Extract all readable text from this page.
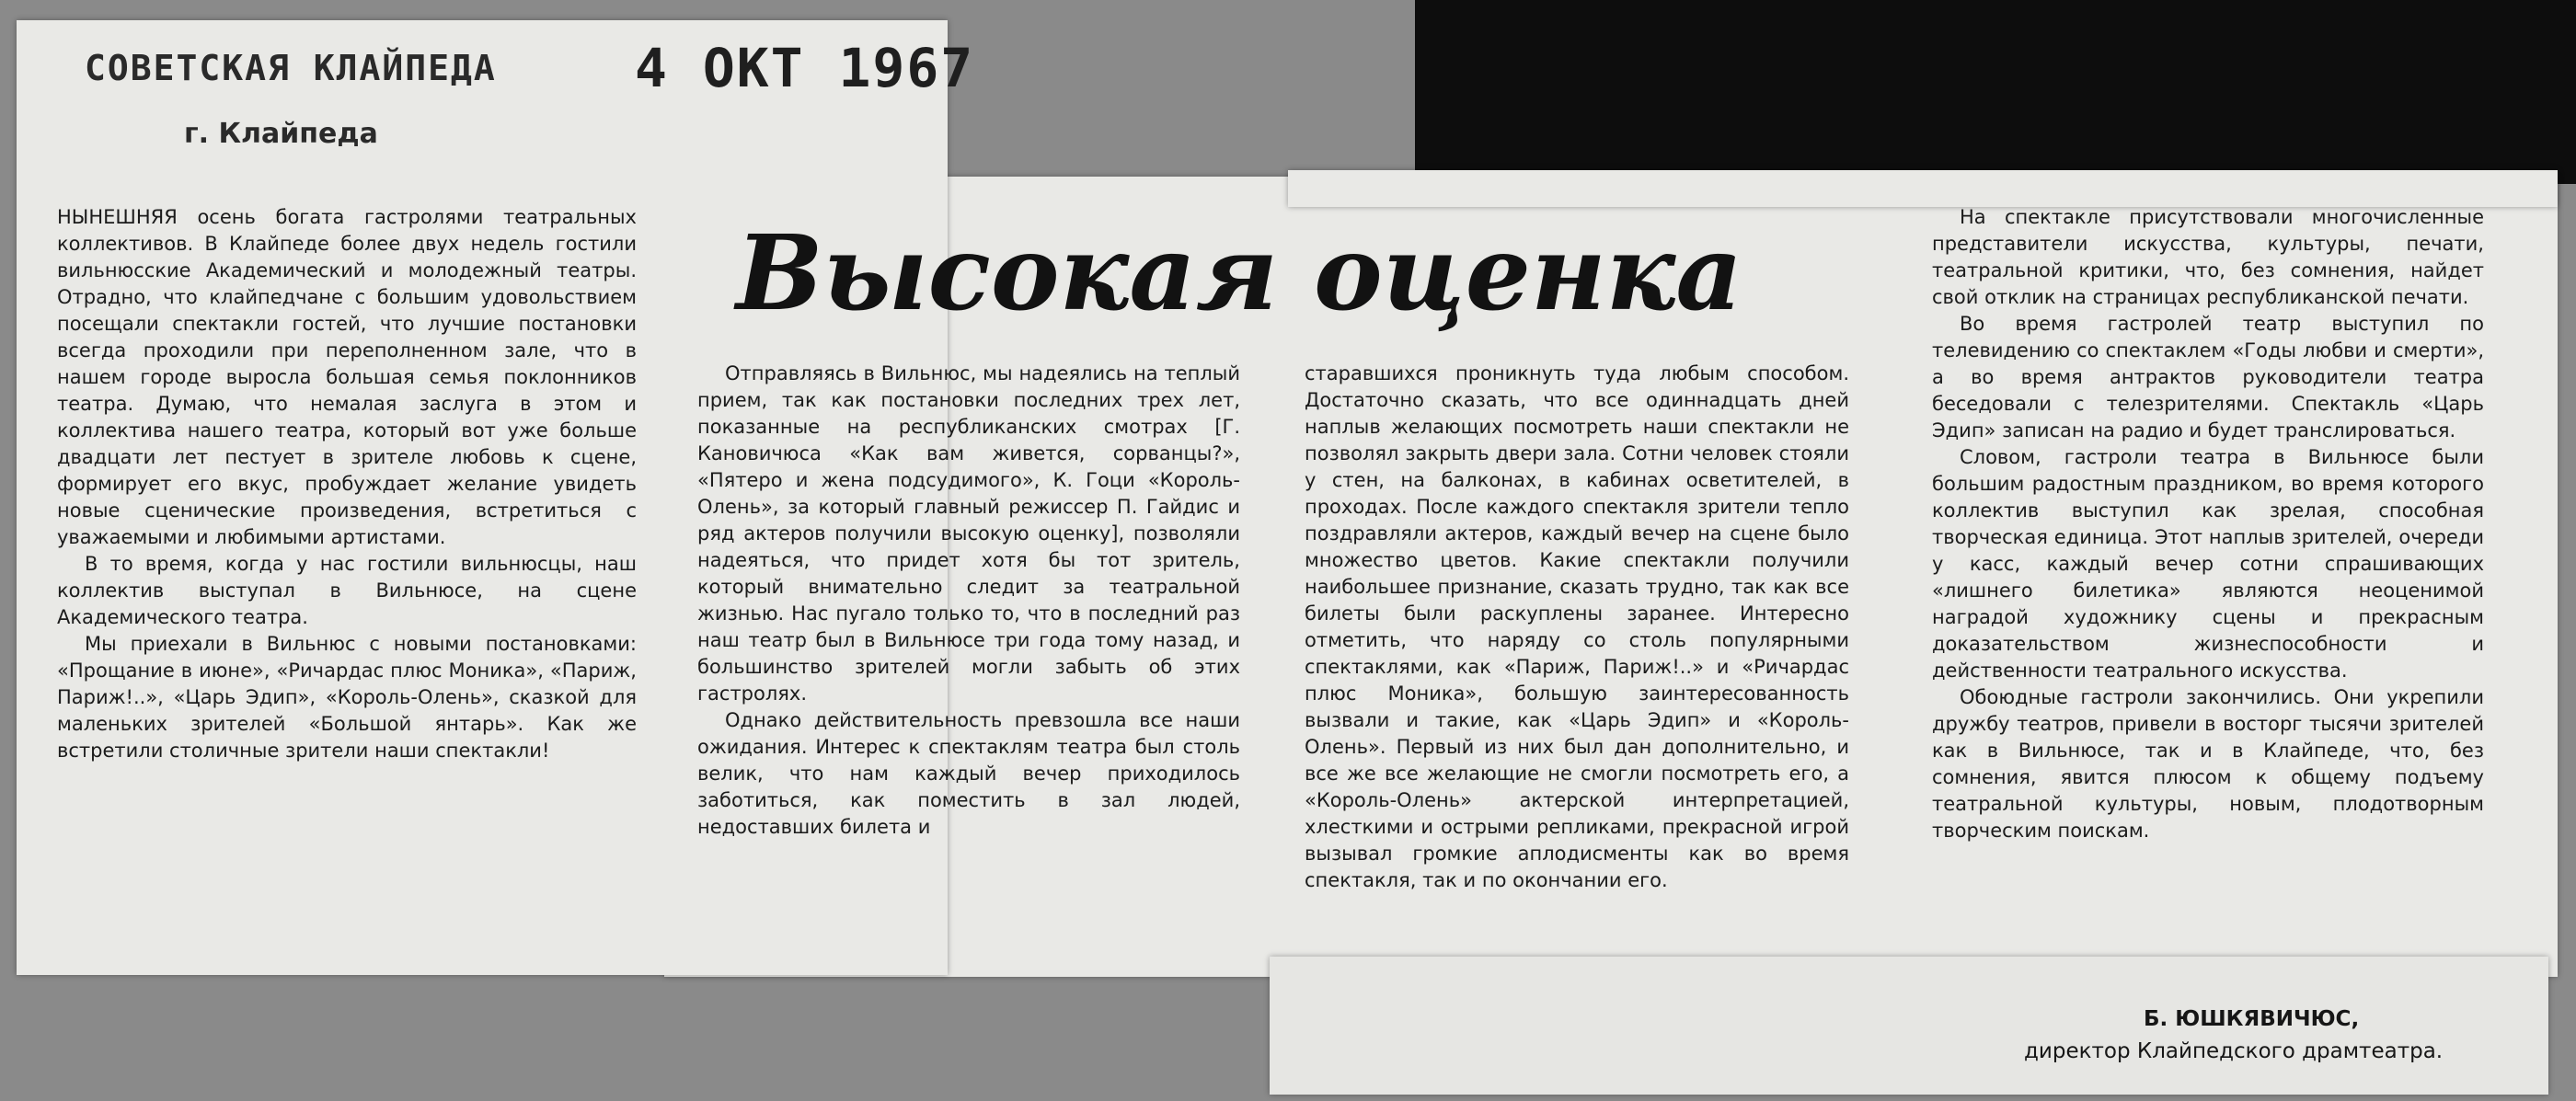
СОВЕТСКАЯ КЛАЙПЕДА
г. Клайпеда
4 ОКТ 1967
Высокая оценка

НЫНЕШНЯЯ осень богата гастролями театральных коллективов. В Клайпеде более двух недель гостили вильнюсские Академический и молодежный театры. Отрадно, что клайпедчане с большим удовольствием посещали спектакли гостей, что лучшие постановки всегда проходили при переполненном зале, что в нашем городе выросла большая семья поклонников театра. Думаю, что немалая заслуга в этом и коллектива нашего театра, который вот уже больше двадцати лет пестует в зрителе любовь к сцене, формирует его вкус, пробуждает желание увидеть новые сценические произведения, встретиться с уважаемыми и любимыми артистами.

В то время, когда у нас гостили вильнюсцы, наш коллектив выступал в Вильнюсе, на сцене Академического театра.

Мы приехали в Вильнюс с новыми постановками: «Прощание в июне», «Ричардас плюс Моника», «Париж, Париж!..», «Царь Эдип», «Король-Олень», сказкой для маленьких зрителей «Большой янтарь». Как же встретили столичные зрители наши спектакли!

Отправляясь в Вильнюс, мы надеялись на теплый прием, так как постановки последних трех лет, показанные на республиканских смотрах [Г. Кановичюса «Как вам живется, сорванцы?», «Пятеро и жена подсудимого», К. Гоци «Король-Олень», за который главный режиссер П. Гайдис и ряд актеров получили высокую оценку], позволяли надеяться, что придет хотя бы тот зритель, который внимательно следит за театральной жизнью. Нас пугало только то, что в последний раз наш театр был в Вильнюсе три года тому назад, и большинство зрителей могли забыть об этих гастролях.

Однако действительность превзошла все наши ожидания. Интерес к спектаклям театра был столь велик, что нам каждый вечер приходилось заботиться, как поместить в зал людей, недоставших билета и

старавшихся проникнуть туда любым способом. Достаточно сказать, что все одиннадцать дней наплыв желающих посмотреть наши спектакли не позволял закрыть двери зала. Сотни человек стояли у стен, на балконах, в кабинах осветителей, в проходах. После каждого спектакля зрители тепло поздравляли актеров, каждый вечер на сцене было множество цветов. Какие спектакли получили наибольшее признание, сказать трудно, так как все билеты были раскуплены заранее. Интересно отметить, что наряду со столь популярными спектаклями, как «Париж, Париж!..» и «Ричардас плюс Моника», большую заинтересованность вызвали и такие, как «Царь Эдип» и «Король-Олень». Первый из них был дан дополнительно, и все же все желающие не смогли посмотреть его, а «Король-Олень» актерской интерпретацией, хлесткими и острыми репликами, прекрасной игрой вызывал громкие аплодисменты как во время спектакля, так и по окончании его.

На спектакле присутствовали многочисленные представители искусства, культуры, печати, театральной критики, что, без сомнения, найдет свой отклик на страницах республиканской печати.

Во время гастролей театр выступил по телевидению со спектаклем «Годы любви и смерти», а во время антрактов руководители театра беседовали с телезрителями. Спектакль «Царь Эдип» записан на радио и будет транслироваться.

Словом, гастроли театра в Вильнюсе были большим радостным праздником, во время которого коллектив выступил как зрелая, способная творческая единица. Этот наплыв зрителей, очереди у касс, каждый вечер сотни спрашивающих «лишнего билетика» являются неоценимой наградой художнику сцены и прекрасным доказательством жизнеспособности и действенности театрального искусства.

Обоюдные гастроли закончились. Они укрепили дружбу театров, привели в восторг тысячи зрителей как в Вильнюсе, так и в Клайпеде, что, без сомнения, явится плюсом к общему подъему театральной культуры, новым, плодотворным творческим поискам.

Б. ЮШКЯВИЧЮС,
директор Клайпедского драмтеатра.
